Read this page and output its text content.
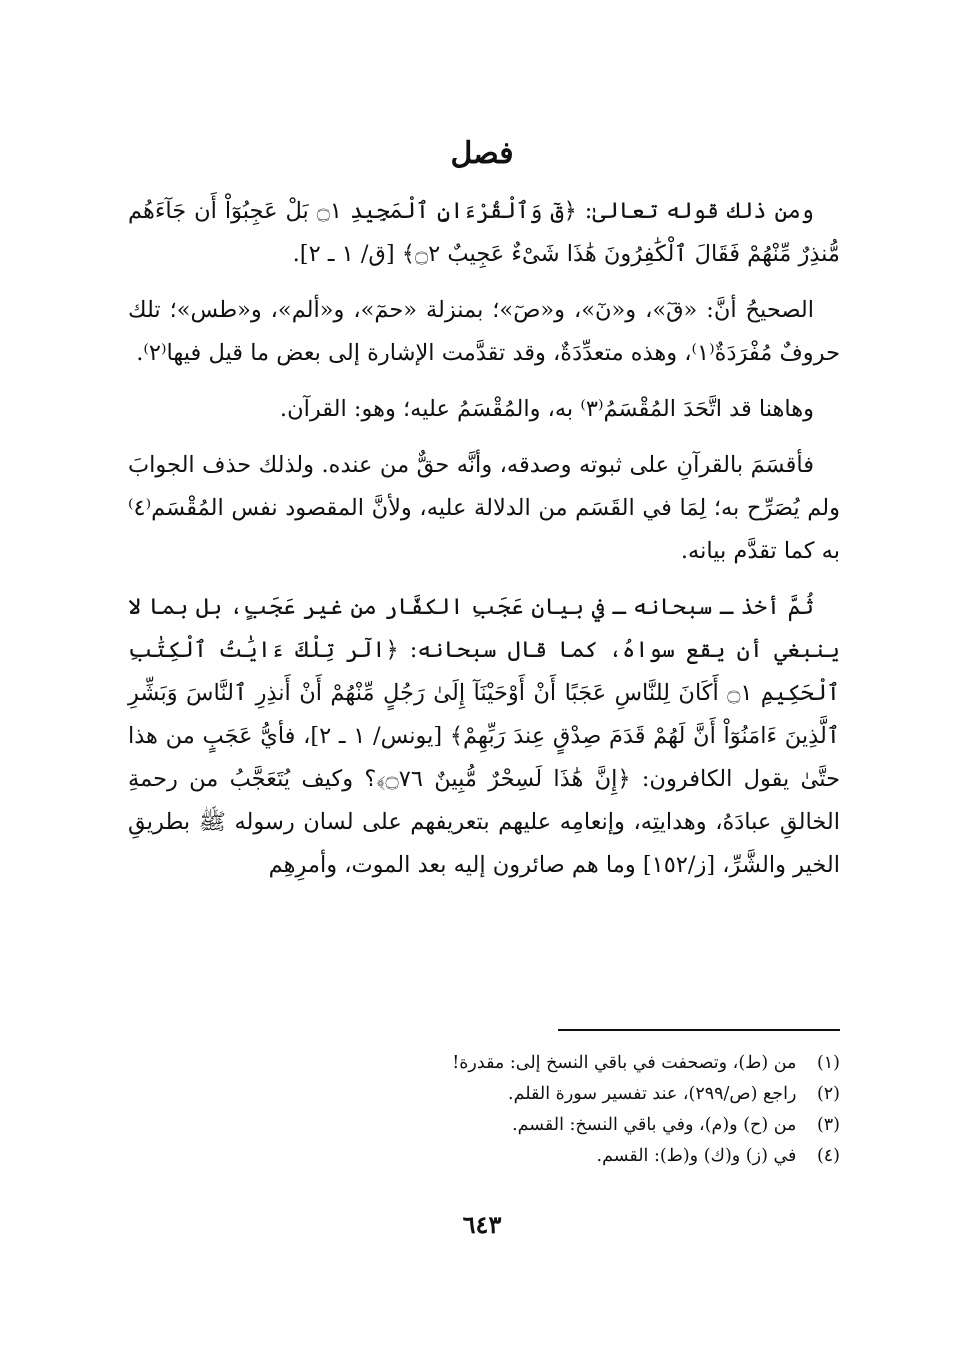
فصل

ومن ذلك قوله تعالىٰ: ﴿قٓ وَٱلْقُرْءَانِ ٱلْمَجِيدِ ۝١ بَلْ عَجِبُوٓاْ أَن جَآءَهُم مُّنذِرٌ مِّنْهُمْ فَقَالَ ٱلْكَٰفِرُونَ هَٰذَا شَىْءٌ عَجِيبٌ ۝٢﴾ [ق/ ١ ـ ٢].

الصحيحُ أنَّ: «قٓ»، و«نٓ»، و«صٓ»؛ بمنزلة «حمٓ»، و«ألم»، و«طس»؛ تلك حروفٌ مُفْرَدَةٌ⁽١⁾، وهذه متعدِّدَةٌ، وقد تقدَّمت الإشارة إلى بعض ما قيل فيها⁽٢⁾.

وهاهنا قد اتَّحَدَ المُقْسَمُ⁽٣⁾ به، والمُقْسَمُ عليه؛ وهو: القرآن.

فأقسَمَ بالقرآنِ على ثبوته وصدقه، وأنَّه حقٌّ من عنده. ولذلك حذف الجوابَ ولم يُصَرِّح به؛ لِمَا في القَسَم من الدلالة عليه، ولأنَّ المقصود نفس المُقْسَم⁽٤⁾ به كما تقدَّم بيانه.

ثُمَّ أخذ ـ سبحانه ـ في بيان عَجَبِ الكفَّار من غير عَجَبٍ، بل بما لا ينبغي أن يقع سواهُ، كما قال سبحانه: ﴿الٓر تِلْكَ ءَايَٰتُ ٱلْكِتَٰبِ ٱلْحَكِيمِ ۝١ أَكَانَ لِلنَّاسِ عَجَبًا أَنْ أَوْحَيْنَآ إِلَىٰ رَجُلٍ مِّنْهُمْ أَنْ أَنذِرِ ٱلنَّاسَ وَبَشِّرِ ٱلَّذِينَ ءَامَنُوٓاْ أَنَّ لَهُمْ قَدَمَ صِدْقٍ عِندَ رَبِّهِمْ﴾ [يونس/ ١ ـ ٢]، فأيُّ عَجَبٍ من هذا حتَّىٰ يقول الكافرون: ﴿إِنَّ هَٰذَا لَسِحْرٌ مُّبِينٌ ۝٧٦﴾؟ وكيف يُتَعَجَّبُ من رحمةِ الخالقِ عبادَهُ، وهدايتِه، وإنعامِه عليهم بتعريفهم على لسان رسوله ﷺ بطريقِ الخير والشَّرِّ، [ز/١٥٢] وما هم صائرون إليه بعد الموت، وأمرِهِم

(١) من (ط)، وتصحفت في باقي النسخ إلى: مقدرة!
(٢) راجع (ص/٢٩٩)، عند تفسير سورة القلم.
(٣) من (ح) و(م)، وفي باقي النسخ: القسم.
(٤) في (ز) و(ك) و(ط): القسم.
٦٤٣
